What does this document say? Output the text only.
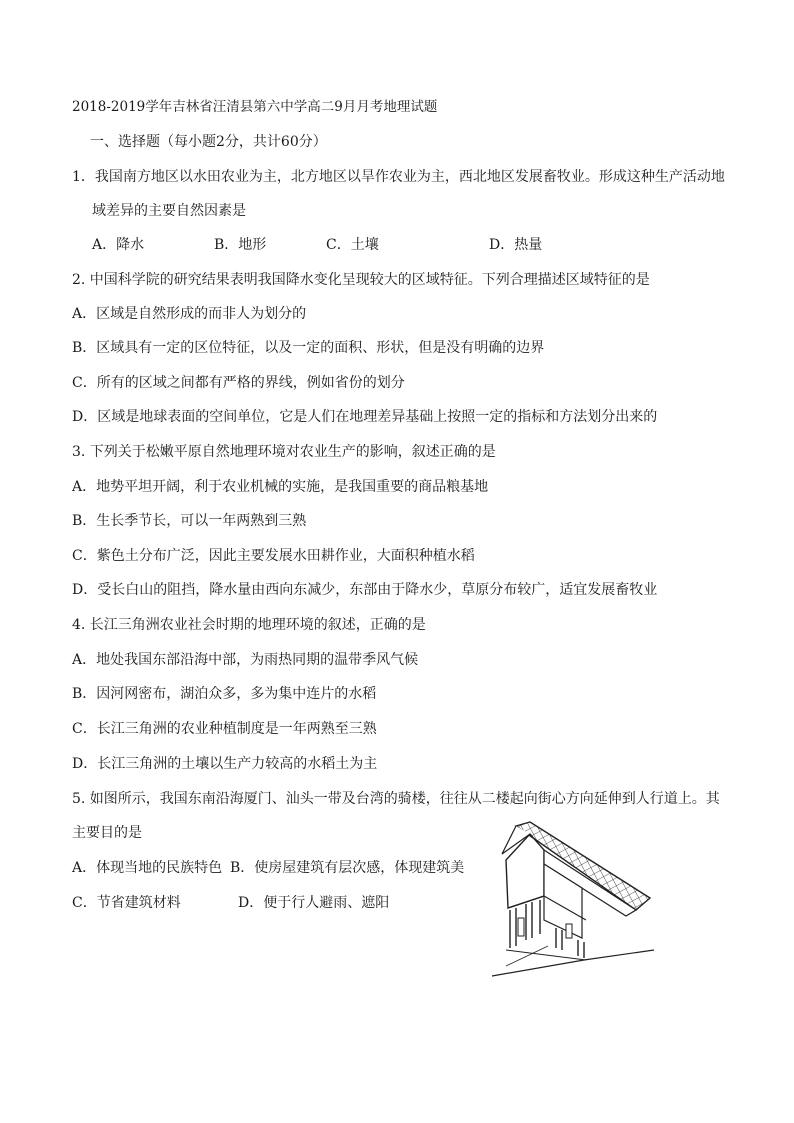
2018-2019学年吉林省汪清县第六中学高二9月月考地理试题
一、选择题（每小题2分，共计60分）
1．我国南方地区以水田农业为主，北方地区以旱作农业为主，西北地区发展畜牧业。形成这种生产活动地
域差异的主要自然因素是
A．降水	B．地形	C．土壤	D．热量
2. 中国科学院的研究结果表明我国降水变化呈现较大的区域特征。下列合理描述区域特征的是
A．区域是自然形成的而非人为划分的
B．区域具有一定的区位特征，以及一定的面积、形状，但是没有明确的边界
C．所有的区域之间都有严格的界线，例如省份的划分
D．区域是地球表面的空间单位，它是人们在地理差异基础上按照一定的指标和方法划分出来的
3. 下列关于松嫩平原自然地理环境对农业生产的影响，叙述正确的是
A．地势平坦开阔，利于农业机械的实施，是我国重要的商品粮基地
B．生长季节长，可以一年两熟到三熟
C．紫色土分布广泛，因此主要发展水田耕作业，大面积种植水稻
D．受长白山的阻挡，降水量由西向东减少，东部由于降水少，草原分布较广，适宜发展畜牧业
4. 长江三角洲农业社会时期的地理环境的叙述，正确的是
A．地处我国东部沿海中部，为雨热同期的温带季风气候
B．因河网密布，湖泊众多，多为集中连片的水稻
C．长江三角洲的农业种植制度是一年两熟至三熟
D．长江三角洲的土壤以生产力较高的水稻土为主
5. 如图所示，我国东南沿海厦门、汕头一带及台湾的骑楼，往往从二楼起向街心方向延伸到人行道上。其
主要目的是
A．体现当地的民族特色 B．使房屋建筑有层次感，体现建筑美
C．节省建筑材料	D．便于行人避雨、遮阳
